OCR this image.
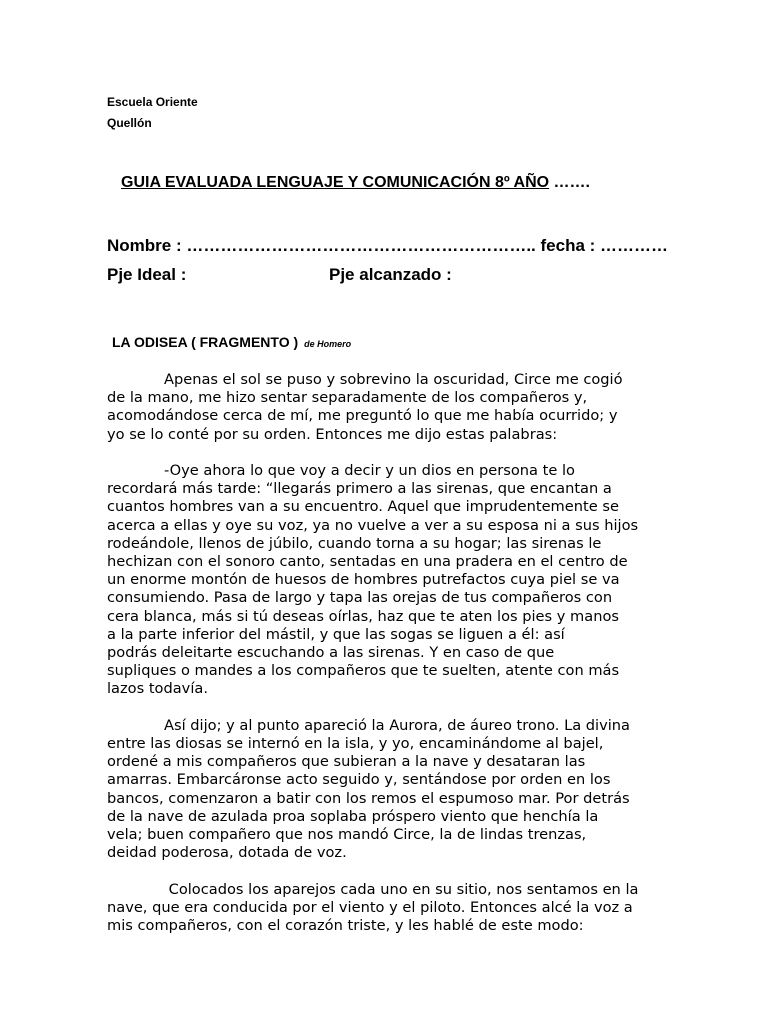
Escuela Oriente
Quellón
GUIA EVALUADA LENGUAJE Y COMUNICACIÓN 8º AÑO …….
Nombre : …………………………………………………….. fecha : …………
Pje Ideal :	Pje alcanzado :
LA ODISEA ( FRAGMENTO ) de Homero

Apenas el sol se puso y sobrevino la oscuridad, Circe me cogió
de la mano, me hizo sentar separadamente de los compañeros y,
acomodándose cerca de mí, me preguntó lo que me había ocurrido; y
yo se lo conté por su orden. Entonces me dijo estas palabras:

-Oye ahora lo que voy a decir y un dios en persona te lo
recordará más tarde: “llegarás primero a las sirenas, que encantan a
cuantos hombres van a su encuentro. Aquel que imprudentemente se
acerca a ellas y oye su voz, ya no vuelve a ver a su esposa ni a sus hijos
rodeándole, llenos de júbilo, cuando torna a su hogar; las sirenas le
hechizan con el sonoro canto, sentadas en una pradera en el centro de
un enorme montón de huesos de hombres putrefactos cuya piel se va
consumiendo. Pasa de largo y tapa las orejas de tus compañeros con
cera blanca, más si tú deseas oírlas, haz que te aten los pies y manos
a la parte inferior del mástil, y que las sogas se liguen a él: así
podrás deleitarte escuchando a las sirenas. Y en caso de que
supliques o mandes a los compañeros que te suelten, atente con más
lazos todavía.

Así dijo; y al punto apareció la Aurora, de áureo trono. La divina
entre las diosas se internó en la isla, y yo, encaminándome al bajel,
ordené a mis compañeros que subieran a la nave y desataran las
amarras. Embarcáronse acto seguido y, sentándose por orden en los
bancos, comenzaron a batir con los remos el espumoso mar. Por detrás
de la nave de azulada proa soplaba próspero viento que henchía la
vela; buen compañero que nos mandó Circe, la de lindas trenzas,
deidad poderosa, dotada de voz.

Colocados los aparejos cada uno en su sitio, nos sentamos en la
nave, que era conducida por el viento y el piloto. Entonces alcé la voz a
mis compañeros, con el corazón triste, y les hablé de este modo:
